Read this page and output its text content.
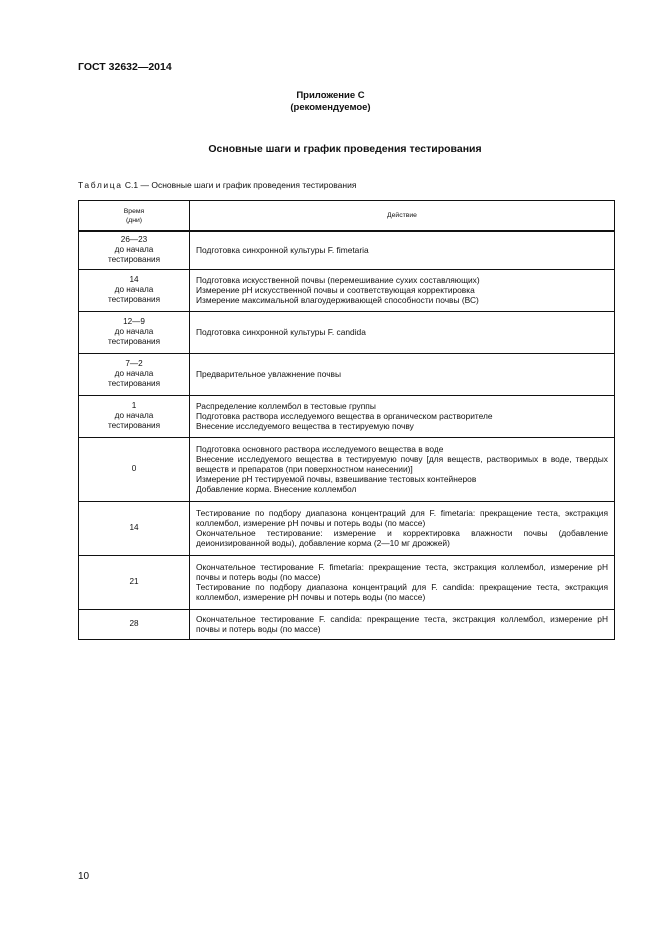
ГОСТ 32632—2014
Приложение С
(рекомендуемое)
Основные шаги и график проведения тестирования
Таблица С.1 — Основные шаги и график проведения тестирования
Время
(дни)	Действие

26—23
до начала
тестирования	Подготовка синхронной культуры F. fimetaria

14
до начала
тестирования	Подготовка искусственной почвы (перемешивание сухих составляющих)
Измерение рН искусственной почвы и соответствующая корректировка
Измерение максимальной влагоудерживающей способности почвы (ВС)

12—9
до начала
тестирования	Подготовка синхронной культуры F. candida

7—2
до начала
тестирования	Предварительное увлажнение почвы

1
до начала
тестирования	Распределение коллембол в тестовые группы
Подготовка раствора исследуемого вещества в органическом растворителе
Внесение исследуемого вещества в тестируемую почву

0	Подготовка основного раствора исследуемого вещества в воде
Внесение исследуемого вещества в тестируемую почву [для веществ, растворимых в воде, твердых веществ и препаратов (при поверхностном нанесении)]
Измерение рН тестируемой почвы, взвешивание тестовых контейнеров
Добавление корма. Внесение коллембол

14	Тестирование по подбору диапазона концентраций для F. fimetaria: прекращение теста, экстракция коллембол, измерение рН почвы и потерь воды (по массе)
Окончательное тестирование: измерение и корректировка влажности почвы (добавление деионизированной воды), добавление корма (2—10 мг дрожжей)

21	Окончательное тестирование F. fimetaria: прекращение теста, экстракция коллембол, измерение рН почвы и потерь воды (по массе)
Тестирование по подбору диапазона концентраций для F. candida: прекращение теста, экстракция коллембол, измерение рН почвы и потерь воды (по массе)

28	Окончательное тестирование F. candida: прекращение теста, экстракция коллембол, измерение рН почвы и потерь воды (по массе)
10
